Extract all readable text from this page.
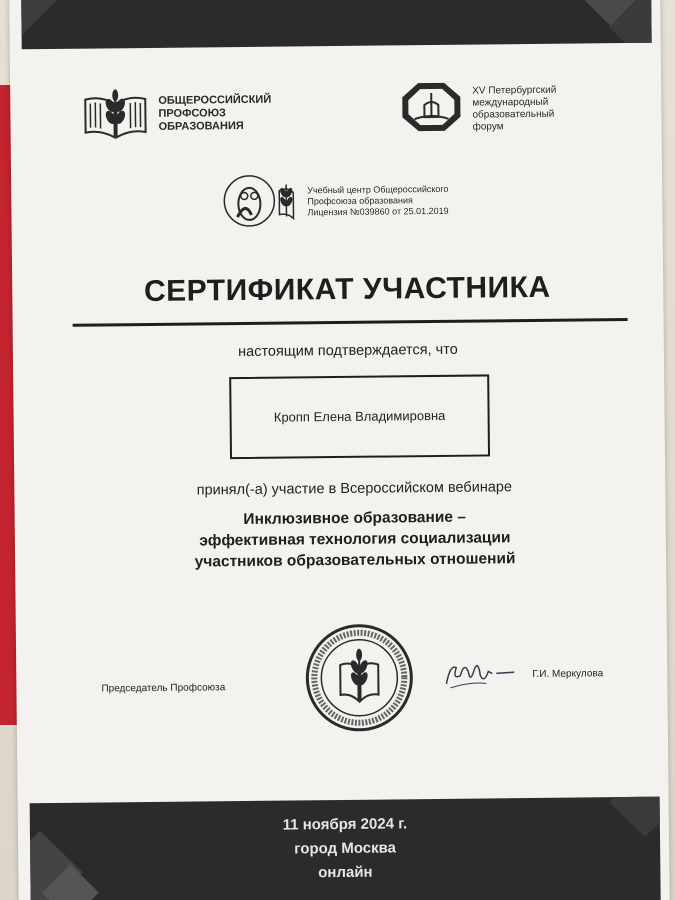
ОБЩЕРОССИЙСКИЙ
ПРОФСОЮЗ
ОБРАЗОВАНИЯ
XV Петербургский
международный
образовательный
форум
Учебный центр Общероссийского
Профсоюза образования
Лицензия №039860 от 25.01.2019
СЕРТИФИКАТ УЧАСТНИКА
настоящим подтверждается, что
Кропп Елена Владимировна
принял(-а) участие в Всероссийском вебинаре
Инклюзивное образование –
эффективная технология социализации
участников образовательных отношений
Председатель Профсоюза
Г.И. Меркулова
11 ноября 2024 г.
город Москва
онлайн
